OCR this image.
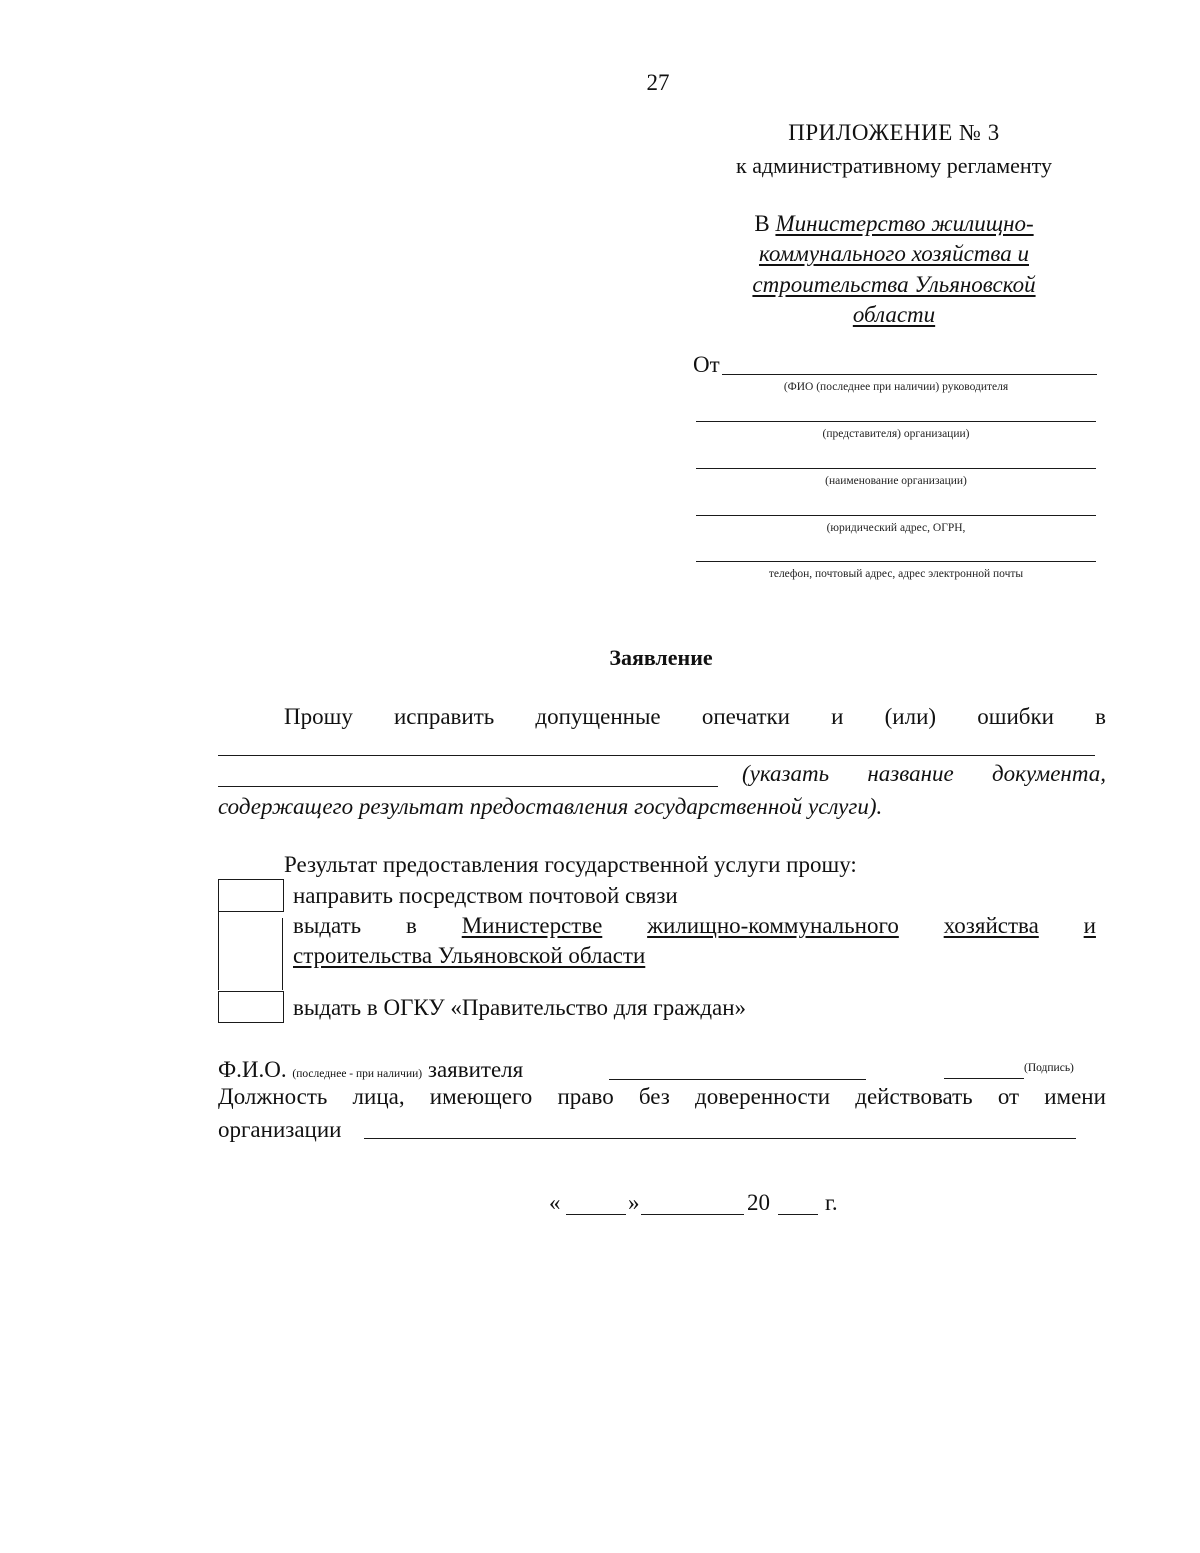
27
ПРИЛОЖЕНИЕ № 3
к административному регламенту
В Министерство жилищно-
коммунального хозяйства и
строительства Ульяновской
области
От
(ФИО (последнее при наличии) руководителя
(представителя) организации)
(наименование организации)
(юридический адрес, ОГРН,
телефон, почтовый адрес, адрес электронной почты
Заявление
Прошу исправить допущенные опечатки и (или) ошибки в
(указать название документа,
содержащего результат предоставления государственной услуги).
Результат предоставления государственной услуги прошу:
направить посредством почтовой связи
выдать в Министерстве жилищно-коммунального хозяйства и
строительства Ульяновской области
выдать в ОГКУ «Правительство для граждан»
Ф.И.О. (последнее - при наличии) заявителя	(Подпись)
Должность лица, имеющего право без доверенности действовать от имени
организации
«	»	20 г.
